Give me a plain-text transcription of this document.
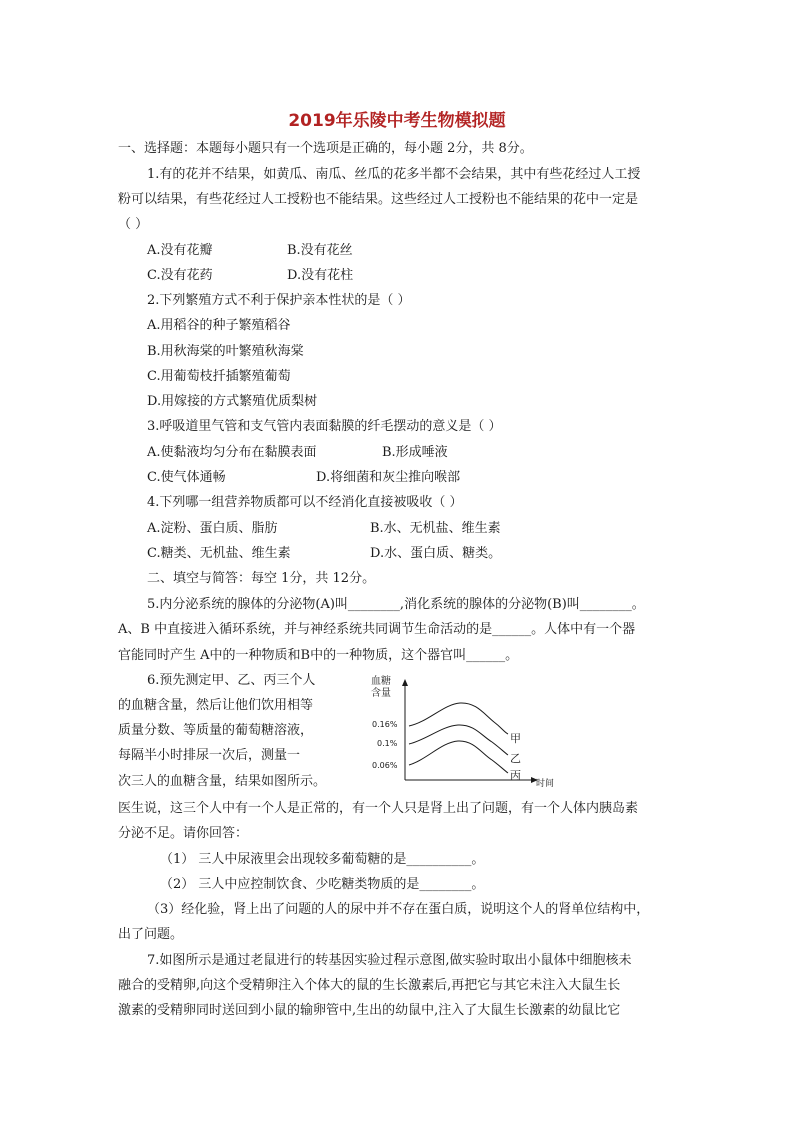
2019年乐陵中考生物模拟题
一、选择题：本题每小题只有一个选项是正确的，每小题 2分，共 8分。
1.有的花并不结果，如黄瓜、南瓜、丝瓜的花多半都不会结果，其中有些花经过人工授
粉可以结果，有些花经过人工授粉也不能结果。这些经过人工授粉也不能结果的花中一定是
（ ）
A.没有花瓣	B.没有花丝
C.没有花药	D.没有花柱
2.下列繁殖方式不利于保护亲本性状的是（ ）
A.用稻谷的种子繁殖稻谷
B.用秋海棠的叶繁殖秋海棠
C.用葡萄枝扦插繁殖葡萄
D.用嫁接的方式繁殖优质梨树
3.呼吸道里气管和支气管内表面黏膜的纤毛摆动的意义是（ ）
A.使黏液均匀分布在黏膜表面	B.形成唾液
C.使气体通畅	D.将细菌和灰尘推向喉部
4.下列哪一组营养物质都可以不经消化直接被吸收（ ）
A.淀粉、蛋白质、脂肪	B.水、无机盐、维生素
C.糖类、无机盐、维生素	D.水、蛋白质、糖类。
二、填空与简答：每空 1分，共 12分。
5.内分泌系统的腺体的分泌物(A)叫________,消化系统的腺体的分泌物(B)叫________。
A、B 中直接进入循环系统，并与神经系统共同调节生命活动的是______。人体中有一个器
官能同时产生 A中的一种物质和B中的一种物质，这个器官叫______。
6.预先测定甲、乙、丙三个人
的血糖含量，然后让他们饮用相等
质量分数、等质量的葡萄糖溶液，
每隔半小时排尿一次后，测量一
次三人的血糖含量，结果如图所示。
医生说，这三个人中有一个人是正常的，有一个人只是肾上出了问题，有一个人体内胰岛素
分泌不足。请你回答：
（1） 三人中尿液里会出现较多葡萄糖的是__________。
（2） 三人中应控制饮食、少吃糖类物质的是________。
（3）经化验，肾上出了问题的人的尿中并不存在蛋白质，说明这个人的肾单位结构中，
出了问题。
7.如图所示是通过老鼠进行的转基因实验过程示意图,做实验时取出小鼠体中细胞核未
融合的受精卵,向这个受精卵注入个体大的鼠的生长激素后,再把它与其它未注入大鼠生长
激素的受精卵同时送回到小鼠的输卵管中,生出的幼鼠中,注入了大鼠生长激素的幼鼠比它
血糖
含量
时间
0.16%
0.1%
0.06%
甲
乙
丙
